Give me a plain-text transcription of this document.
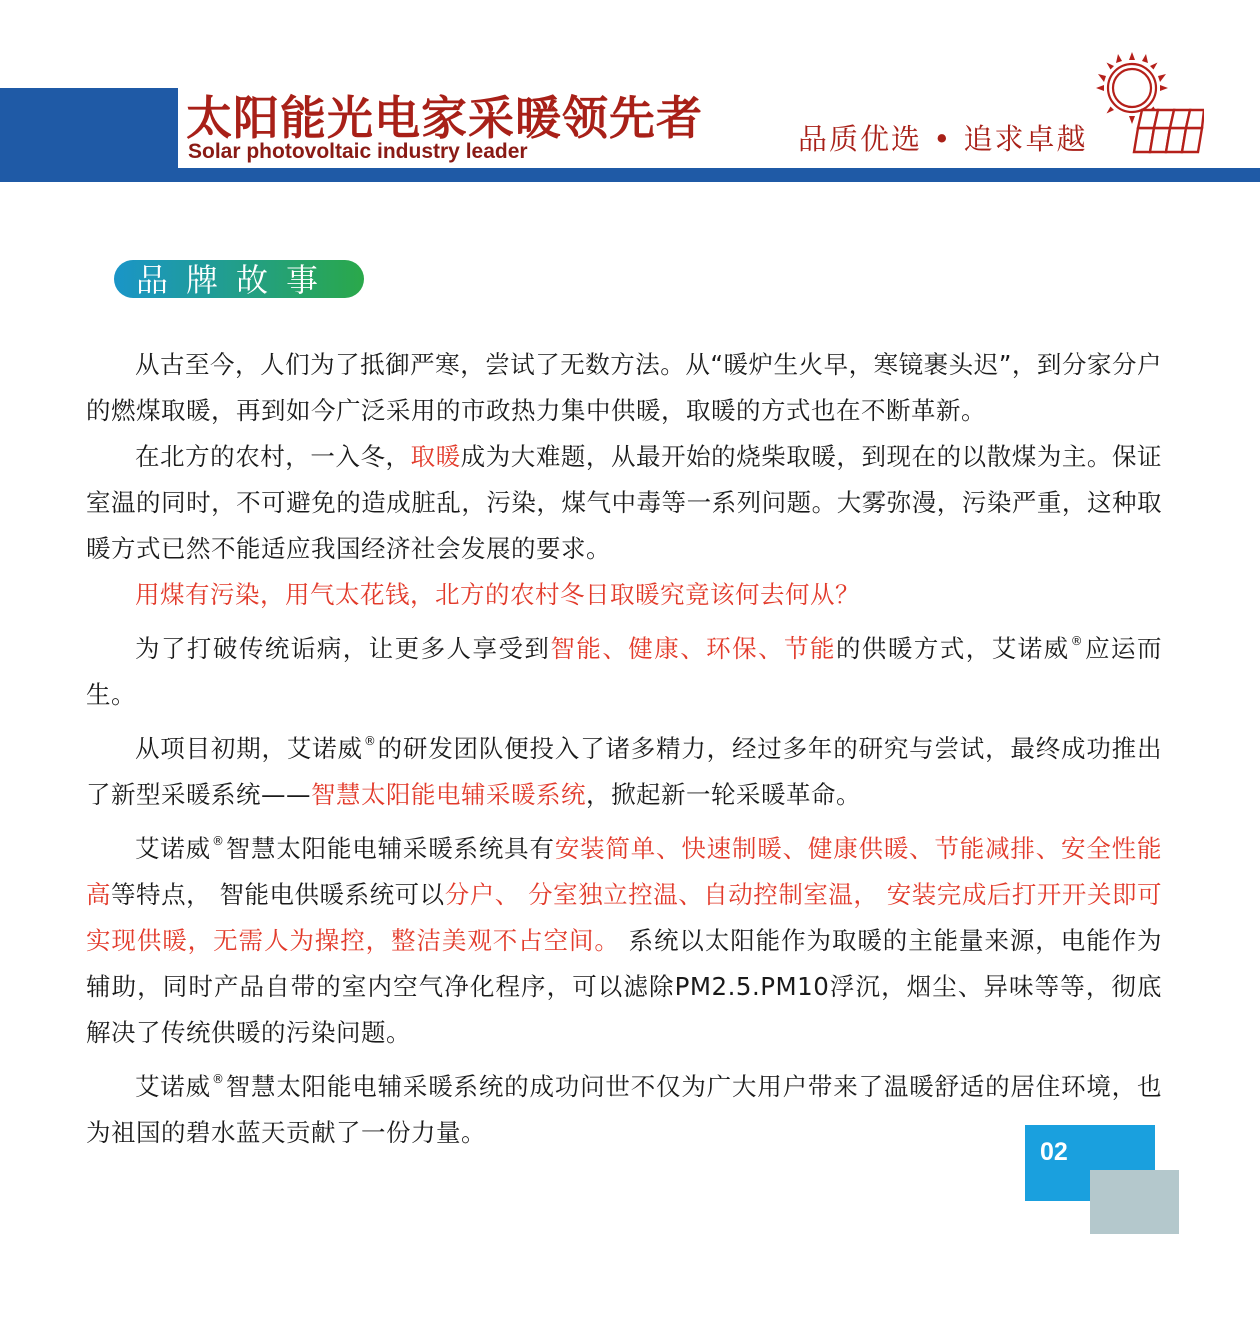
太阳能光电家采暖领先者
Solar photovoltaic industry leader	品质优选 • 追求卓越
品牌故事

从古至今，人们为了抵御严寒，尝试了无数方法。从“暖炉生火早，寒镜裹头迟”，到分家分户的燃煤取暖，再到如今广泛采用的市政热力集中供暖，取暖的方式也在不断革新。

在北方的农村，一入冬，取暖成为大难题，从最开始的烧柴取暖，到现在的以散煤为主。保证室温的同时，不可避免的造成脏乱，污染，煤气中毒等一系列问题。大雾弥漫，污染严重，这种取暖方式已然不能适应我国经济社会发展的要求。

用煤有污染，用气太花钱，北方的农村冬日取暖究竟该何去何从？

为了打破传统诟病，让更多人享受到智能、健康、环保、节能的供暖方式，艾诺威®应运而生。

从项目初期，艾诺威®的研发团队便投入了诸多精力，经过多年的研究与尝试，最终成功推出了新型采暖系统——智慧太阳能电辅采暖系统，掀起新一轮采暖革命。

艾诺威®智慧太阳能电辅采暖系统具有安装简单、快速制暖、健康供暖、节能减排、安全性能高等特点， 智能电供暖系统可以分户、 分室独立控温、自动控制室温， 安装完成后打开开关即可实现供暖，无需人为操控，整洁美观不占空间。 系统以太阳能作为取暖的主能量来源，电能作为辅助，同时产品自带的室内空气净化程序，可以滤除PM2.5.PM10浮沉，烟尘、异味等等，彻底解决了传统供暖的污染问题。

艾诺威®智慧太阳能电辅采暖系统的成功问世不仅为广大用户带来了温暖舒适的居住环境，也为祖国的碧水蓝天贡献了一份力量。

02
